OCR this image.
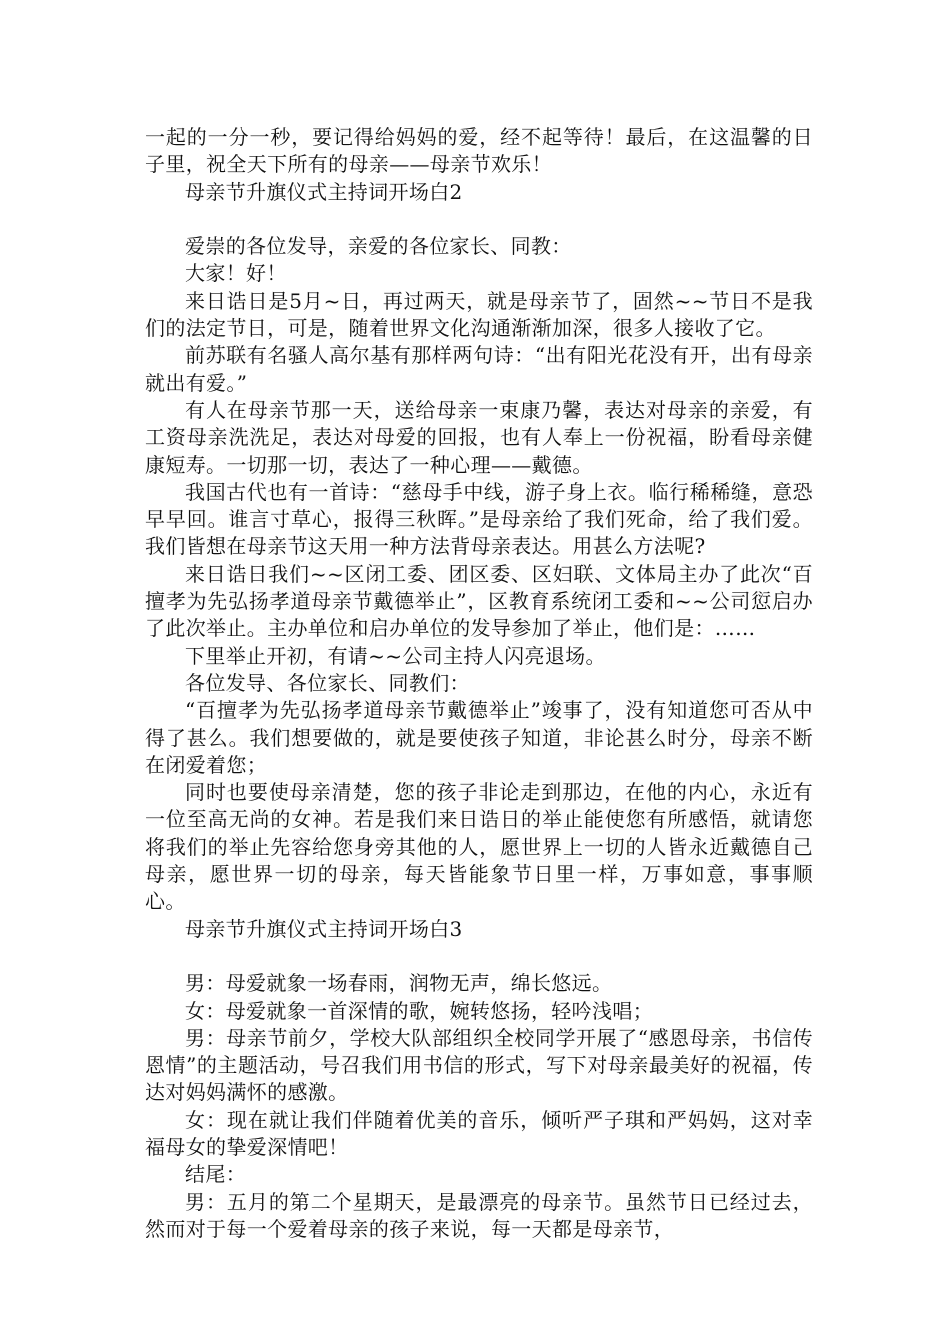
一起的一分一秒，要记得给妈妈的爱，经不起等待！最后，在这温馨的日子里，祝全天下所有的母亲——母亲节欢乐！

母亲节升旗仪式主持词开场白2

爱崇的各位发导，亲爱的各位家长、同教：

大家！好！

来日诰日是5月~日，再过两天，就是母亲节了，固然~~节日不是我们的法定节日，可是，随着世界文化沟通渐渐加深，很多人接收了它。

前苏联有名骚人高尔基有那样两句诗：“出有阳光花没有开，出有母亲就出有爱。”

有人在母亲节那一天，送给母亲一束康乃馨，表达对母亲的亲爱，有工资母亲洗洗足，表达对母爱的回报，也有人奉上一份祝福，盼看母亲健康短寿。一切那一切，表达了一种心理——戴德。

我国古代也有一首诗：“慈母手中线，游子身上衣。临行稀稀缝，意恐早早回。谁言寸草心，报得三秋晖。”是母亲给了我们死命，给了我们爱。我们皆想在母亲节这天用一种方法背母亲表达。用甚么方法呢?

来日诰日我们~~区闭工委、团区委、区妇联、文体局主办了此次“百擅孝为先弘扬孝道母亲节戴德举止”，区教育系统闭工委和~~公司愆启办了此次举止。主办单位和启办单位的发导参加了举止，他们是：……

下里举止开初，有请~~公司主持人闪亮退场。

各位发导、各位家长、同教们：

“百擅孝为先弘扬孝道母亲节戴德举止”竣事了，没有知道您可否从中得了甚么。我们想要做的，就是要使孩子知道，非论甚么时分，母亲不断在闭爱着您；

同时也要使母亲清楚，您的孩子非论走到那边，在他的内心，永近有一位至高无尚的女神。若是我们来日诰日的举止能使您有所感悟，就请您将我们的举止先容给您身旁其他的人，愿世界上一切的人皆永近戴德自己母亲，愿世界一切的母亲，每天皆能象节日里一样，万事如意，事事顺心。

母亲节升旗仪式主持词开场白3

男：母爱就象一场春雨，润物无声，绵长悠远。

女：母爱就象一首深情的歌，婉转悠扬，轻吟浅唱；

男：母亲节前夕，学校大队部组织全校同学开展了“感恩母亲，书信传恩情”的主题活动，号召我们用书信的形式，写下对母亲最美好的祝福，传达对妈妈满怀的感激。

女：现在就让我们伴随着优美的音乐，倾听严子琪和严妈妈，这对幸福母女的挚爱深情吧！

结尾：

男：五月的第二个星期天，是最漂亮的母亲节。虽然节日已经过去，然而对于每一个爱着母亲的孩子来说，每一天都是母亲节，
